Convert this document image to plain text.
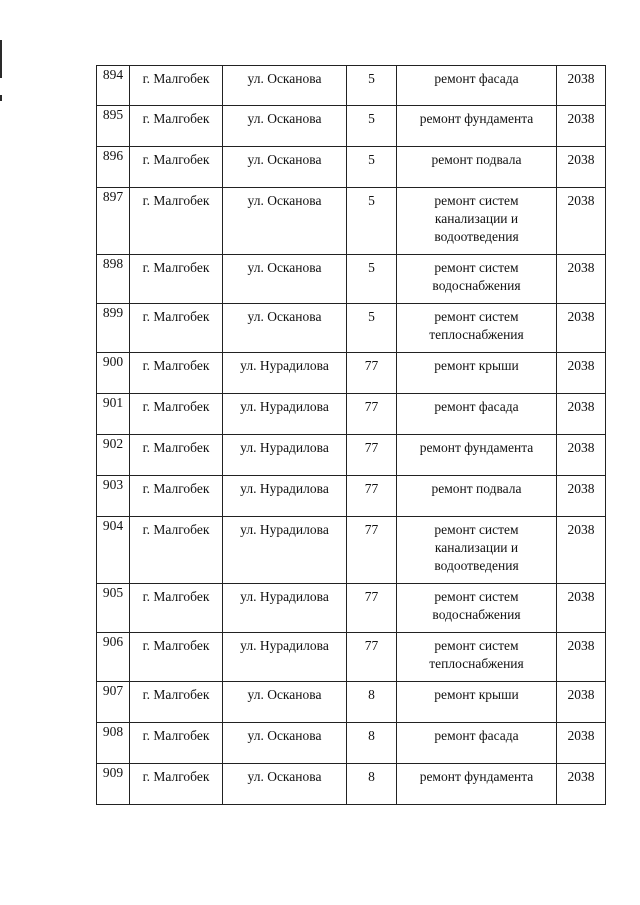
894	г. Малгобек	ул. Осканова	5	ремонт фасада	2038

895	г. Малгобек	ул. Осканова	5	ремонт фундамента	2038

896	г. Малгобек	ул. Осканова	5	ремонт подвала	2038

897	г. Малгобек	ул. Осканова	5	ремонт систем канализации и водоотведения	2038

898	г. Малгобек	ул. Осканова	5	ремонт систем водоснабжения	2038

899	г. Малгобек	ул. Осканова	5	ремонт систем теплоснабжения	2038

900	г. Малгобек	ул. Нурадилова	77	ремонт крыши	2038

901	г. Малгобек	ул. Нурадилова	77	ремонт фасада	2038

902	г. Малгобек	ул. Нурадилова	77	ремонт фундамента	2038

903	г. Малгобек	ул. Нурадилова	77	ремонт подвала	2038

904	г. Малгобек	ул. Нурадилова	77	ремонт систем канализации и водоотведения	2038

905	г. Малгобек	ул. Нурадилова	77	ремонт систем водоснабжения	2038

906	г. Малгобек	ул. Нурадилова	77	ремонт систем теплоснабжения	2038

907	г. Малгобек	ул. Осканова	8	ремонт крыши	2038

908	г. Малгобек	ул. Осканова	8	ремонт фасада	2038

909	г. Малгобек	ул. Осканова	8	ремонт фундамента	2038
